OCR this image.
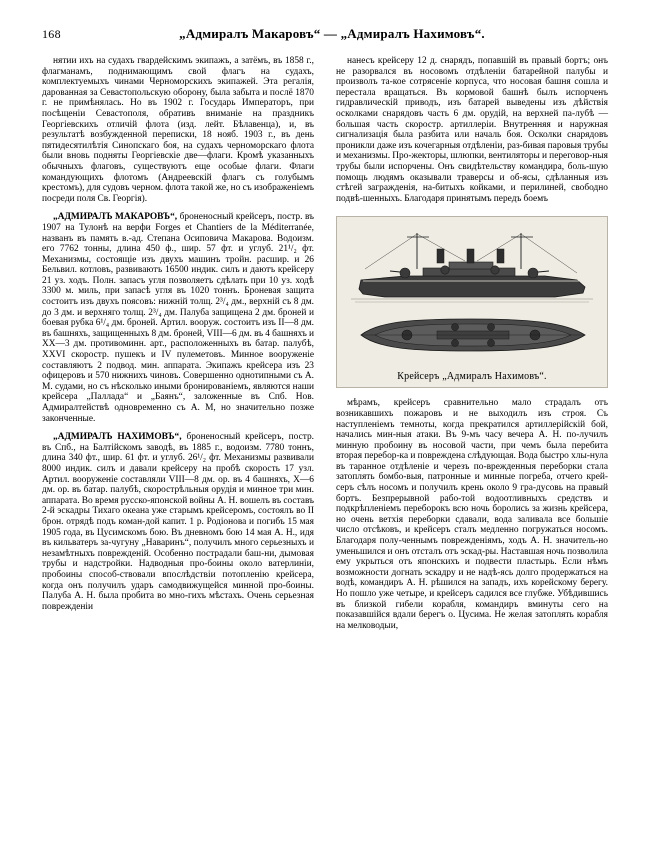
168	„Адмиралъ Макаровъ“ — „Адмиралъ Нахимовъ“.

нятии ихъ на судахъ гвардейскимъ экипажъ, а затёмъ, въ 1858 г., флагманамъ, поднимающимъ свой флагъ на судахъ, комплектуемыхъ чинами Черноморскихъ экипажей. Эта регалія, дарованная за Севастопольскую оборону, была забыта и послё 1870 г. не примѣнялась. Но въ 1902 г. Государь Императоръ, при посѣщеніи Севастополя, обративъ вниманіе на праздникъ Георгіевскихъ отличій флота (изд. лейт. Бѣлавенца), и, въ результатѣ возбужденной переписки, 18 нояб. 1903 г., въ день пятидесятилѣтія Синопскаго боя, на судахъ черноморскаго флота были вновь подняты Георгіевскіе две—флаги. Кромѣ указанныхъ обычныхъ флаговъ, существуютъ еще особые флаги. Флаги командующихъ флотомъ (Андреевскій флагъ съ голубымъ крестомъ), для судовъ черном. флота такой же, но съ изображеніемъ посреди поля Св. Георгія).

„АДМИРАЛЪ МАКАРОВЪ“, броненосный крейсеръ, постр. въ 1907 на Тулонѣ на верфи Forges et Chantiers de la Méditerranée, названъ въ память в.-ад. Степана Осиповича Макарова. Водоизм. его 7762 тонны, длина 450 ф., шир. 57 фт. и углуб. 21¹/₂ фт. Механизмы, состоящіе изъ двухъ машинъ тройн. расшир. и 26 Бельвил. котловъ, развиваютъ 16500 индик. силъ и даютъ крейсеру 21 уз. ходъ. Полн. запасъ угля позволяетъ сдѣлать при 10 уз. ходѣ 3300 м. миль, при запасѣ угля въ 1020 тоннъ. Броневая защита состоитъ изъ двухъ поясовъ: нижній толщ. 2³/₄ дм., верхній съ 8 дм. до 3 дм. и верхняго толщ. 2³/₄ дм. Палуба защищена 2 дм. броней и боевая рубка 6¹/₄ дм. броней. Артил. вооруж. состоитъ изъ II—8 дм. въ башняхъ, защищенныхъ 8 дм. броней, VIII—6 дм. въ 4 башняхъ и XX—3 дм. противоминн. арт., расположенныхъ въ батар. палубѣ, XXVI скоростр. пушекъ и IV пулеметовъ. Минное вооруженіе составляютъ 2 подвод. мин. аппарата. Экипажъ крейсера изъ 23 офицеровъ и 570 нижнихъ чиновъ. Совершенно однотипными съ А. М. судами, но съ нѣсколько иными бронированіемъ, являются наши крейсера „Паллада“ и „Баянъ“, заложенные въ Спб. Нов. Адмиралтействѣ одновременно съ А. М, но значительно позже законченные.

„АДМИРАЛЪ НАХИМОВЪ“, броненосный крейсеръ, постр. въ Спб., на Балтійскомъ заводѣ, въ 1885 г., водоизм. 7780 тоннъ, длина 340 фт., шир. 61 фт. и углуб. 26¹/₂ фт. Механизмы развивали 8000 индик. силъ и давали крейсеру на пробѣ скорость 17 узл. Артил. вооруженіе составляли VIII—8 дм. ор. въ 4 башняхъ, X—6 дм. ор. въ батар. палубѣ, скорострѣльныя орудія и минное три мин. аппарата. Во время русско-японской войны А. Н. вошелъ въ составъ 2-й эскадры Тихаго океана уже старымъ крейсеромъ, состоялъ во II брон. отрядѣ подъ коман-дой капит. 1 р. Родіонова и погибъ 15 мая 1905 года, въ Цусимскомъ бою. Въ дневномъ бою 14 мая А. Н., идя въ кильватеръ за-чугуну „Наваринъ“, получилъ много серьезныхъ и незамѣтныхъ поврежденій. Особенно пострадали баш-ни, дымовая трубы и надстройки. Надводныя про-боины около ватерлиніи, пробоины способ-ствовали впослѣдствіи потопленію крейсера, когда онъ получилъ ударъ самодвижущейся минной про-боины. Палуба А. Н. была пробита во мно-гихъ мѣстахъ. Очень серьезная поврежденіи

нанесъ крейсеру 12 д. снарядъ, попавшій въ правый бортъ; онъ не разорвался въ носовомъ отдѣленіи батарейной палубы и произволъ та-кое сотрясеніе корпуса, что носовая башня сошла и перестала вращаться. Въ кормовой башнѣ былъ испорченъ гидравлическій приводъ, изъ батарей выведены изъ дѣйствія осколками снарядовъ часть 6 дм. орудій, на верхней па-лубѣ — большая часть скоростр. артиллеріи. Внутренняя и наружная сигнализація была разбита или началь боя. Осколки снарядовъ проникли даже изъ кочегарныя отдѣленіи, раз-бивая паровыя трубы и механизмы. Про-жекторы, шлюпки, вентиляторы и переговор-ныя трубы были испорчены. Онъ свидѣтельству командира, боль-шую помощь людямъ оказывали траверсы и об-ясы, сдѣланныя изъ стѣгей загражденія, на-битыхъ койками, и перилиней, свободно подвѣ-шенныхъ. Благодаря принятымъ передъ боемъ

Крейсеръ „Адмиралъ Нахимовъ“.

мѣрамъ, крейсеръ сравнительно мало страдалъ отъ возникавшихъ пожаровъ и не выходилъ изъ строя. Съ наступленіемъ темноты, когда прекратился артиллерійскій бой, начались мин-ныя атаки. Въ 9-мъ часу вечера А. Н. по-лучилъ минную пробоину въ носовой части, при чемъ была перебита вторая перебор-ка и повреждена слѣдующая. Вода быстро хлы-нула въ таранное отдѣленіе и черезъ по-врежденныя переборки стала затоплять бомбо-выя, патронные и минные погреба, отчего крей-серъ сѣлъ носомъ и получилъ крень около 9 гра-дусовь на правый бортъ. Безпрерывной рабо-той водоотливныхъ средствъ и подкрѣпленіемъ переборокъ всю ночь боролись за жизнь крейсера, но очень ветхія переборки сдавали, вода заливала все большіе число отсѣковъ, и крейсеръ сталъ медленно погружаться носомъ. Благодаря полу-ченнымъ поврежденіямъ, ходъ А. Н. значитель-но уменьшился и онъ отсталъ отъ эскад-ры. Наставшая ночь позволила ему укрыться отъ японскихъ и подвести пластырь. Если нѣмъ возможности догнать эскадру и не надѣ-ясь долго продержаться на водѣ, командиръ А. Н. рѣшился на западъ, ихъ корейскому берегу. Но пошло уже четыре, и крейсеръ садился все глубже. Убѣдившись въ близкой гибели корабля, командиръ вминуты сего на показавшійся вдали берегъ о. Цусима. Не желая затоплять корабля на мелководыи,
